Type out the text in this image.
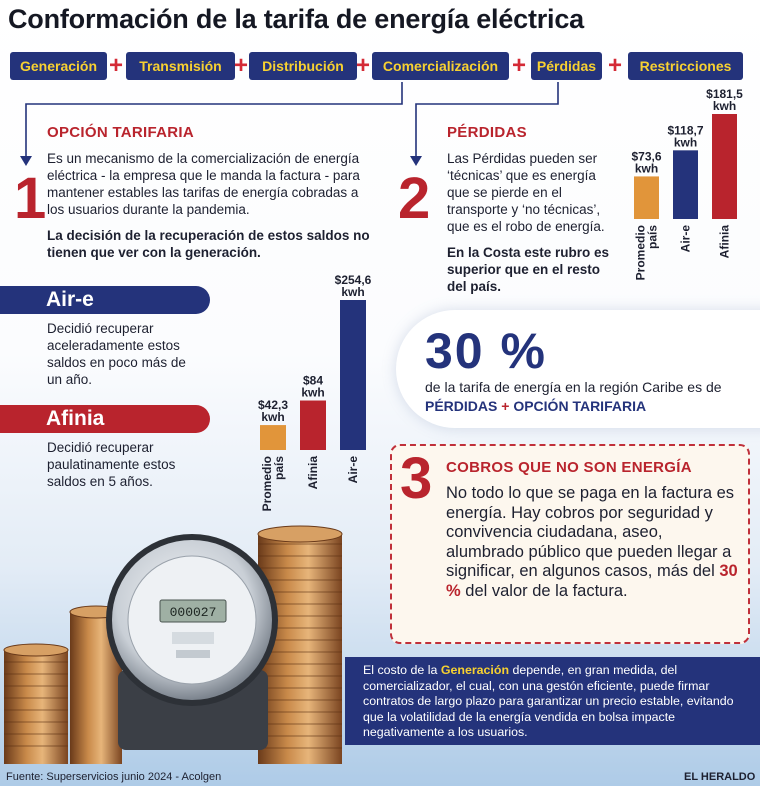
Conformación de la tarifa de energía eléctrica
Generación +	Transmisión +	Distribución + Comercialización + Pérdidas +	Restricciones
1
OPCIÓN TARIFARIA
Es un mecanismo de la comercialización de energía eléctrica - la empresa que le manda la factura - para mantener estables las tarifas de energía cobradas a los usuarios durante la pandemia.
La decisión de la recuperación de estos saldos no tienen que ver con la generación.
2
PÉRDIDAS
Las Pérdidas pueden ser ‘técnicas’ que es energía que se pierde en el transporte y ‘no técnicas’, que es el robo de energía.
En la Costa este rubro es superior que en el resto del país.
$73,6
kwh
Promediopaís
$118,7
kwh
Air-e
$181,5
kwh
Afinia
Air-e
Decidió recuperar aceleradamente estos saldos en poco más de un año.
Afinia
Decidió recuperar paulatinamente estos saldos en 5 años.
$42,3
kwh
Promediopaís
$84
kwh
Afinia
$254,6
kwh
Air-e
30 %
de la tarifa de energía en la región Caribe es de
PÉRDIDAS + OPCIÓN TARIFARIA
3 COBROS QUE NO SON ENERGÍA
No todo lo que se paga en la factura es energía. Hay cobros por seguridad y convivencia ciudadana, aseo, alumbrado público que pueden llegar a significar, en algunos casos, más del 30 % del valor de la factura.
000027
El costo de la Generación depende, en gran medida, del comercializador, el cual, con una gestón eficiente, puede firmar contratos de largo plazo para garantizar un precio estable, evitando que la volatilidad de la energía vendida en bolsa impacte negativamente a los usuarios.
Fuente: Superservicios junio 2024 - Acolgen	EL HERALDO
